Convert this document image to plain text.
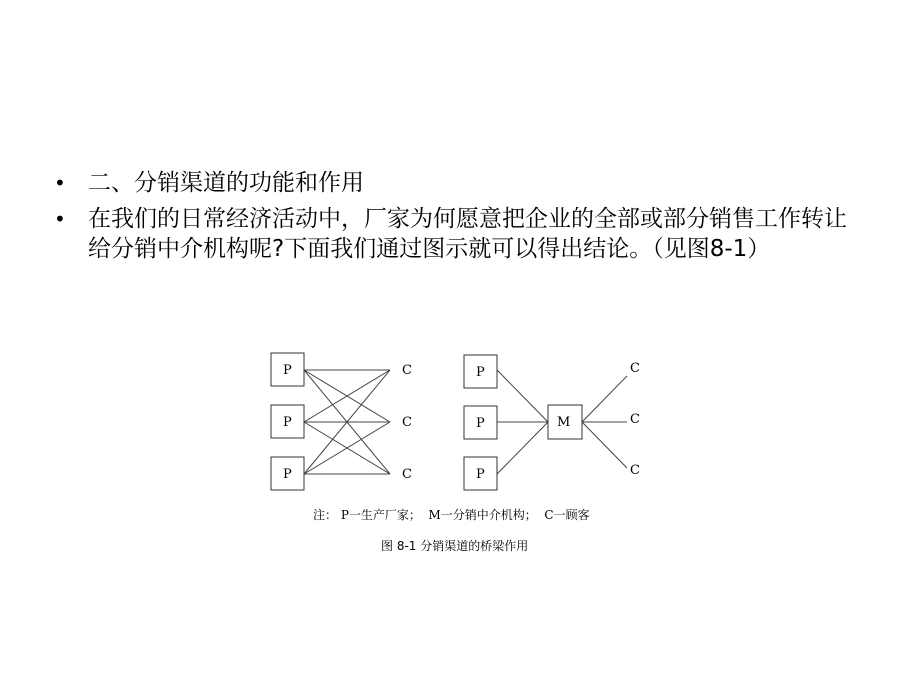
• 二、分销渠道的功能和作用
• 在我们的日常经济活动中，厂家为何愿意把企业的全部或部分销售工作转让给分销中介机构呢?下面我们通过图示就可以得出结论。（见图8-1）
P
P
P
C
C
C
P
P
P
M
C
C
C
注： P一生产厂家；  M一分销中介机构；  C一顾客
图 8-1 分销渠道的桥梁作用
